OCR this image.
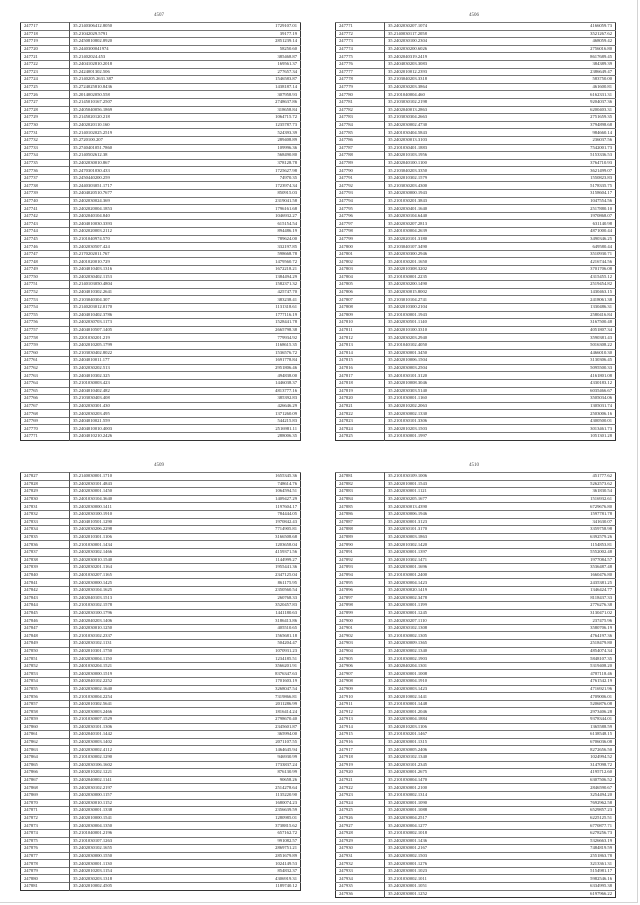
4507
247717	35.2140306412.8050	1729107.01
247718	35.21042029.5791	39177.19
247719	35.2450810802.8920	2851239.14
247720	35.2440300041974	58250.60
247721	35.21402024.453	385468.87
247722	35.2404102810.2018	169561.37
247723	35.2424001302.506	277657.34
247724	35.2140205.2631.387	1546583.87
247725	35.2724025810.8436	1438187.14
247726	35.2014002050.558	307958.93
247727	35.2145010167.2507	2748637.86
247728	35.2405040056.1869	318658.84
247729	35.2145020120.218	1064715.72
247730	35.2402020110.160	1235787.73
247731	35.2140102025.2519	524393.39
247732	35.2720100.207	289408.89
247733	35.2740401051.7860	109996.36
247734	35.2140502612.38	568490.80
247735	35.2402030010.867	378128.78
247736	35.2470301030.433	1725627.98
247737	35.2450440200.259	74970.35
247738	35.2440303051.1717	1723974.34
247739	35.2404020510.7677	850915.03
247740	35.2402030024.369	2319041.58
247741	35.2402020004.1853	1796161.68
247742	35.2402040104.840	1046932.27
247743	35.2404010030.3393	615154.54
247744	35.2402020003.2112	894486.19
247745	35.2101040974.570	789624.00
247746	35.2402030507.424	332197.85
247747	35.2170202011.767	598668.78
247748	35.2401020010.729	1479560.72
247749	35.2404010403.1316	1672218.21
247750	35.2402030402.1153	1384494.29
247751	35.2140103050.4804	1582371.32
247752	35.2404010302.2641	425747.70
247753	35.2103040304.307	383238.41
247754	35.2140203012.0170	1131318.61
247755	35.2404010402.3786	1777116.19
247756	35.2402030703.1173	1528441.78
247757	35.2404010507.1405	2665798.38
247758	35.2201030201.219	779934.92
247759	35.2402010205.1799	1168615.35
247760	35.2103030402.8022	1536576.72
247761	35.2404010011.177	1691778.84
247762	35.2402030202.513	2951806.46
247763	35.2404010302.325	494838.00
247764	35.2101030003.423	1446038.37
247765	35.2404010402.482	4813777.16
247766	35.2103030403.408	385392.83
247767	35.2402030301.430	426646.29
247768	35.2402030203.495	1371260.09
247769	35.2404010021.559	544215.83
247770	35.2404010010.4003	2516981.11
247771	35.2404010210.2426	288006.35
4506
247771	35.2402030207.1074	4166059.73
247772	35.2140030117.2058	3521267.62
247773	35.2402030100.2304	468059.42
247774	35.2402030200.6026	2756016.80
247775	35.2402040319.2419	8617689.45
247776	35.2404030203.3083	384389.39
247777	35.2402010012.2393	2386649.47
247778	35.2103040203.3318	583750.00
247779	35.2402030203.3864	461600.81
247780	35.2101040004.460	6162331.31
247781	35.2103030102.2198	9204037.36
247782	35.2402040013.2863	6200403.31
247783	35.2103030304.2663	2751659.35
247784	35.2402030002.4730	3794898.68
247785	35.2401030404.5843	984660.14
247786	35.2402030013.3103	236037.56
247787	35.2101030401.1883	7542001.73
247788	35.2402010103.1956	5153336.53
247789	35.2402040100.1100	3764710.93
247790	35.2103040203.3350	3621499.07
247791	35.2402010302.1579	1550823.83
247792	35.2103030203.4300	5178335.75
247793	35.2402030000.1943	3158604.17
247794	35.2101030201.3843	1047554.56
247795	35.2402030401.1640	2517880.10
247796	35.2402030104.6440	1970868.07
247797	35.2402030207.2813	631140.98
247798	35.2401030004.2639	4871000.44
247799	35.2402020101.3180	3490346.25
247800	35.2103040107.3490	649580.44
247801	35.2402030300.2946	3510930.71
247802	35.2401030201.1650	4216744.56
247803	35.2402010308.3202	3701706.08
247804	35.2101030001.2235	4315455.12
247805	35.2402030200.1490	2519454.82
247806	35.2402030015.8002	1430463.15
247807	35.2103010104.2741	2418061.38
247808	35.2402010300.2104	1330486.31
247809	35.2101030001.1943	2580416.84
247810	35.2402030501.1140	3167500.48
247811	35.2402010100.3310	4051807.34
247812	35.2402030203.2940	3590381.43
247813	35.2101040102.4050	5016308.22
247814	35.2402030001.3450	4466010.30
247815	35.2402010006.1504	3130306.45
247816	35.2402030003.2504	5095500.33
247817	35.2401030101.3120	4161801.08
247818	35.2402010008.3046	4330183.12
247819	35.2402030303.5140	6035466.67
247820	35.2101030001.1160	3505034.06
247821	35.2402010202.2063	1305031.74
247822	35.2402030002.1330	2503006.16
247823	35.2101030101.3306	4300500.01
247824	35.2402010203.1503	3013461.73
247825	35.2101030001.1997	1051301.28
4509
247827	35.2140030001.1710	1655345.36
247828	35.2402030101.4843	748614.76
247829	35.2402030001.1450	1064594.51
247830	35.2401030104.3640	1409427.29
247831	35.2402030000.1411	1197604.17
247832	35.2402030100.1910	784444.05
247833	35.2404010501.1290	1970842.43
247834	35.2402030206.2298	7714905.81
247835	35.2402010301.1106	3166508.68
247836	35.2101030001.1434	1203658.04
247837	35.2402030302.1466	4159371.56
247838	35.2402030010.1540	1144999.27
247839	35.2402030201.1164	1955441.36
247840	35.2401030207.1165	2347125.04
247841	35.2402030000.1425	861175.95
247842	35.2402030104.1625	2350560.54
247843	35.2402040103.1513	260768.33
247844	35.2101030102.1578	3520457.83
247845	35.2402030100.1796	1441180.63
247846	35.2402040203.1406	3186413.86
247847	35.2402030010.1250	405510.65
247848	35.2101030102.2337	1565681.18
247849	35.2402030102.1131	504204.47
247850	35.2402010301.1750	1070931.23
247851	35.2402030004.1150	1234185.51
247852	35.2401030204.1521	3566201.91
247853	35.2402030000.1519	8376347.63
247854	35.2402040102.2252	1701603.19
247855	35.2402030002.1640	3268047.54
247856	35.2101030004.2254	7319866.81
247857	35.2402010302.5641	2011286.99
247858	35.2402030003.2466	1816414.24
247859	35.2101030007.1529	2798670.40
247860	35.2402030101.1306	2345601.87
247861	35.2402040101.1442	365994.00
247862	35.2402030003.1402	2071107.55
247863	35.2402030002.4112	1464645.94
247864	35.2101030002.1290	946930.99
247865	35.2402030106.1602	1733837.24
247866	35.2402010202.1221	876130.99
247867	35.2402040002.1141	90658.26
247868	35.2402030102.2197	2514278.64
247869	35.2402030000.1157	1135220.90
247870	35.2402030010.1152	1680074.23
247871	35.2402030001.1338	2356639.59
247872	35.2402010000.1541	1280985.01
247873	35.2402030004.1350	3738815.62
247874	35.2101040001.2196	657162.72
247875	35.2101030107.1263	991082.57
247876	35.2402030102.1655	2869751.21
247877	35.2402030000.1550	2851679.89
247878	35.2402030001.1130	1024149.53
247879	35.2402010203.1154	854832.37
247880	35.2402030203.1318	4306919.31
247881	35.2402010002.4505	1189740.12
4510
247881	35.2101030109.1006	451777.62
247882	35.2402010001.1543	5262573.62
247883	35.2402030001.1121	361830.54
247884	35.2402030205.1677	1516932.61
247885	35.2402030013.4390	6729676.80
247886	35.2402030006.1946	1597781.78
247887	35.2402030001.3123	341630.07
247888	35.2402030101.3170	3359758.98
247889	35.2402030003.1863	6392579.26
247890	35.2402010302.1420	1154853.81
247891	35.2402030001.1397	5552002.48
247892	35.2402010302.1471	1977084.57
247893	35.2402030001.1696	3536487.48
247894	35.2101030001.2400	1660476.80
247895	35.2402030004.1423	2435381.25
247896	35.2402030020.1419	1346424.77
247897	35.2402030002.3478	8118437.33
247898	35.2402030001.1199	2776276.38
247899	35.2402030001.1245	3130471.02
247900	35.2402030207.1110	237475.96
247901	35.2402030102.1308	3580706.19
247902	35.2101030002.1305	4764197.36
247903	35.2402030009.1365	2518479.80
247904	35.2402030002.1340	4854074.34
247905	35.2101030002.1903	5848107.35
247906	35.2402040204.1301	5319408.20
247907	35.2402030001.1008	4787118.46
247908	35.2402030004.1910	4761542.19
247909	35.2402030003.1423	4716921.96
247910	35.2402010002.1441	4709006.01
247911	35.2101030001.1448	5206876.08
247912	35.2402030001.2046	2973406.28
247913	35.2402030004.1884	9378344.01
247914	35.2402010203.1106	1365588.59
247915	35.2101030201.1467	6138548.15
247916	35.2402030001.1315	6706036.08
247917	35.2402030005.2406	8272656.50
247918	35.2402030102.1340	1024994.52
247919	35.2402030101.2345	3147098.72
247920	35.2402030001.2675	4195712.60
247921	35.2101030004.1470	6307506.52
247922	35.2402030001.2100	2846590.67
247923	35.2101030002.1314	3254494.20
247924	35.2402030001.1090	7692962.58
247925	35.2402030001.1088	6529857.23
247926	35.2402030004.2517	6225125.51
247927	35.2402030004.1277	6770877.71
247928	35.2101030002.1018	6278256.73
247929	35.2402030001.1436	5326663.19
247930	35.2402030001.2167	7484819.59
247931	35.2402030002.1503	2551863.78
247932	35.2402030001.1276	3213361.31
247933	35.2402030001.1023	5154981.17
247934	35.2101030002.1011	5982546.16
247935	35.2402030001.1051	6334995.38
247936	35.2402030001.1252	6197966.22
